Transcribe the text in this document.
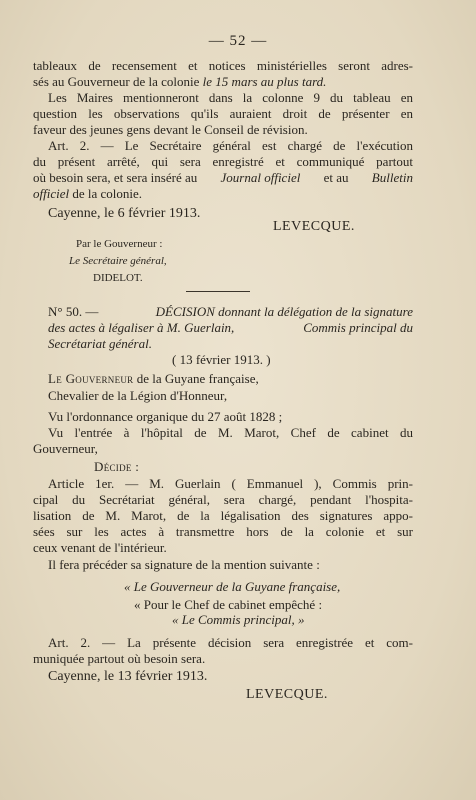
— 52 —
tableaux de recensement et notices ministérielles seront adres-
sés au Gouverneur de la colonie le 15 mars au plus tard.
Les Maires mentionneront dans la colonne 9 du tableau en
question les observations qu'ils auraient droit de présenter en
faveur des jeunes gens devant le Conseil de révision.
Art. 2. — Le Secrétaire général est chargé de l'exécution
du présent arrêté, qui sera enregistré et communiqué partout
où besoin sera, et sera inséré au Journal officiel et au Bulletin
officiel de la colonie.
Cayenne, le 6 février 1913.
LEVECQUE.
Par le Gouverneur :
Le Secrétaire général,
DIDELOT.
N° 50. —	DÉCISION donnant la délégation de la signature
des actes à légaliser à M. Guerlain,	Commis principal du
Secrétariat général.
( 13 février 1913. )
Le Gouverneur de la Guyane française,
Chevalier de la Légion d'Honneur,
Vu l'ordonnance organique du 27 août 1828 ;
Vu l'entrée à l'hôpital de M. Marot, Chef de cabinet du
Gouverneur,
Décide :
Article 1er. — M. Guerlain ( Emmanuel ), Commis prin-
cipal du Secrétariat général, sera chargé, pendant l'hospita-
lisation de M. Marot, de la légalisation des signatures appo-
sées sur les actes à transmettre hors de la colonie et sur
ceux venant de l'intérieur.
Il fera précéder sa signature de la mention suivante :
« Le Gouverneur de la Guyane française,
« Pour le Chef de cabinet empêché :
« Le Commis principal, »
Art. 2. — La présente décision sera enregistrée et com-
muniquée partout où besoin sera.
Cayenne, le 13 février 1913.
LEVECQUE.
